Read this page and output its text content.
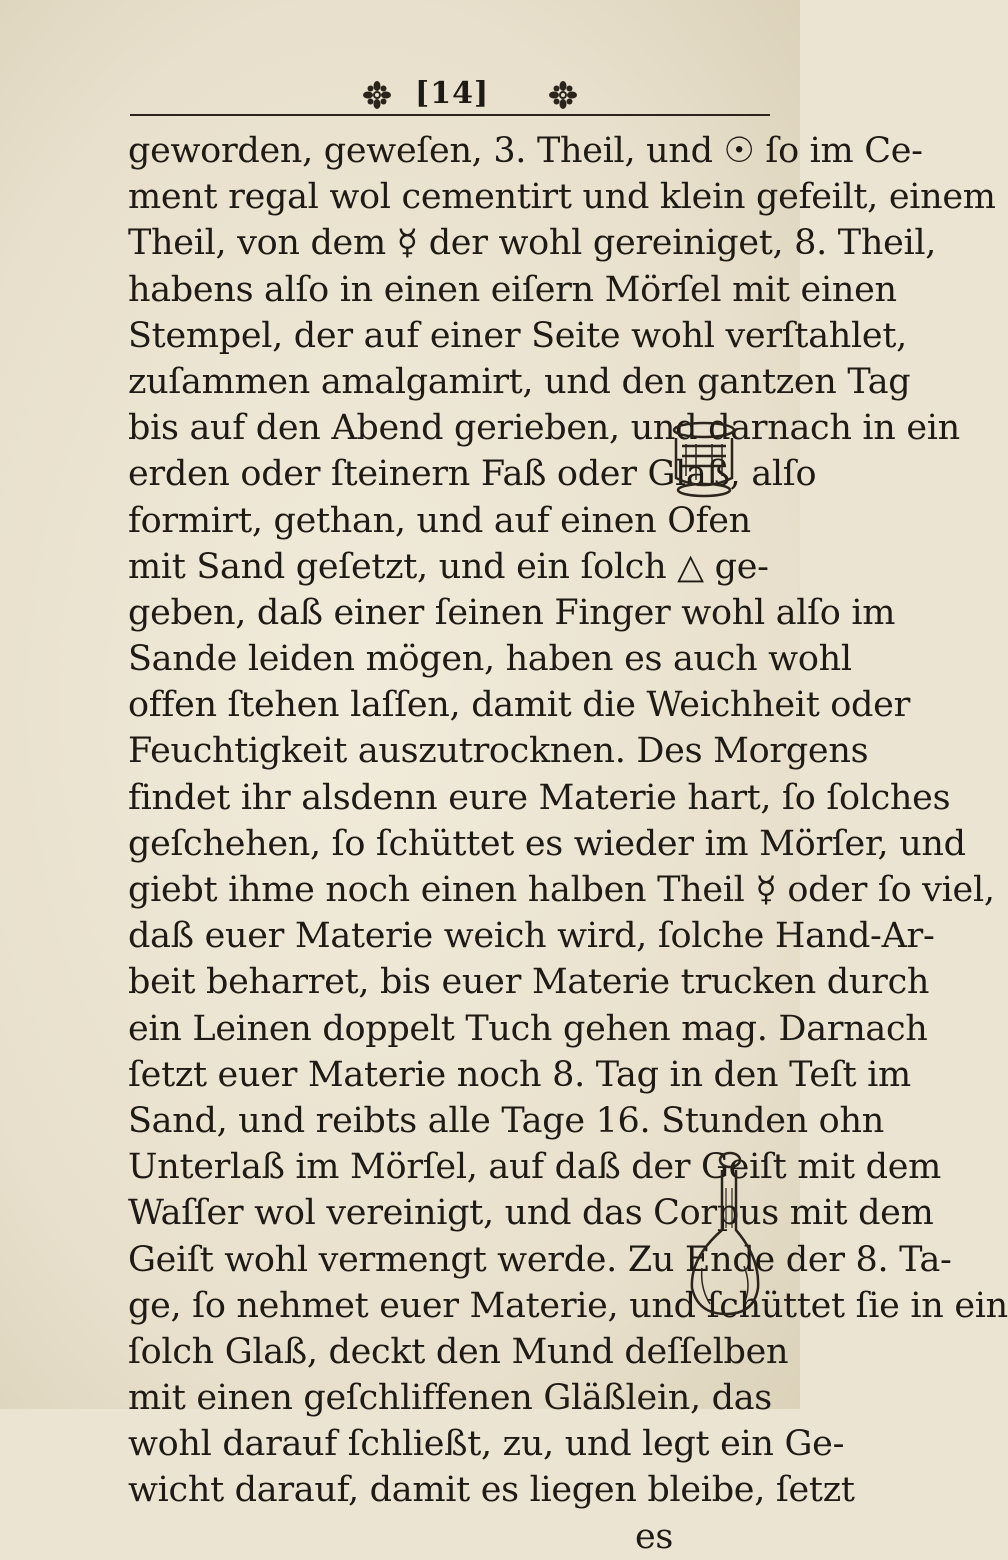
[14]
geworden, geweſen, 3. Theil, und ☉ ſo im Ce-
ment regal wol cementirt und klein gefeilt, einem
Theil, von dem ☿ der wohl gereiniget, 8. Theil,
habens alſo in einen eiſern Mörſel mit einen
Stempel, der auf einer Seite wohl verſtahlet,
zuſammen amalgamirt, und den gantzen Tag
bis auf den Abend gerieben, und darnach in ein
erden oder ſteinern Faß oder Glaß, alſo
formirt, gethan, und auf einen Ofen
mit Sand geſetzt, und ein ſolch △ ge-
geben, daß einer ſeinen Finger wohl alſo im
Sande leiden mögen, haben es auch wohl
offen ſtehen laſſen, damit die Weichheit oder
Feuchtigkeit auszutrocknen. Des Morgens
findet ihr alsdenn eure Materie hart, ſo ſolches
geſchehen, ſo ſchüttet es wieder im Mörſer, und
giebt ihme noch einen halben Theil ☿ oder ſo viel,
daß euer Materie weich wird, ſolche Hand-Ar-
beit beharret, bis euer Materie trucken durch
ein Leinen doppelt Tuch gehen mag. Darnach
ſetzt euer Materie noch 8. Tag in den Teſt im
Sand, und reibts alle Tage 16. Stunden ohn
Unterlaß im Mörſel, auf daß der Geiſt mit dem
Waſſer wol vereinigt, und das Corpus mit dem
Geiſt wohl vermengt werde. Zu Ende der 8. Ta-
ge, ſo nehmet euer Materie, und ſchüttet ſie in ein
ſolch Glaß, deckt den Mund deſſelben
mit einen geſchliffenen Gläßlein, das
wohl darauf ſchließt, zu, und legt ein Ge-
wicht darauf, damit es liegen bleibe, ſetzt
es
